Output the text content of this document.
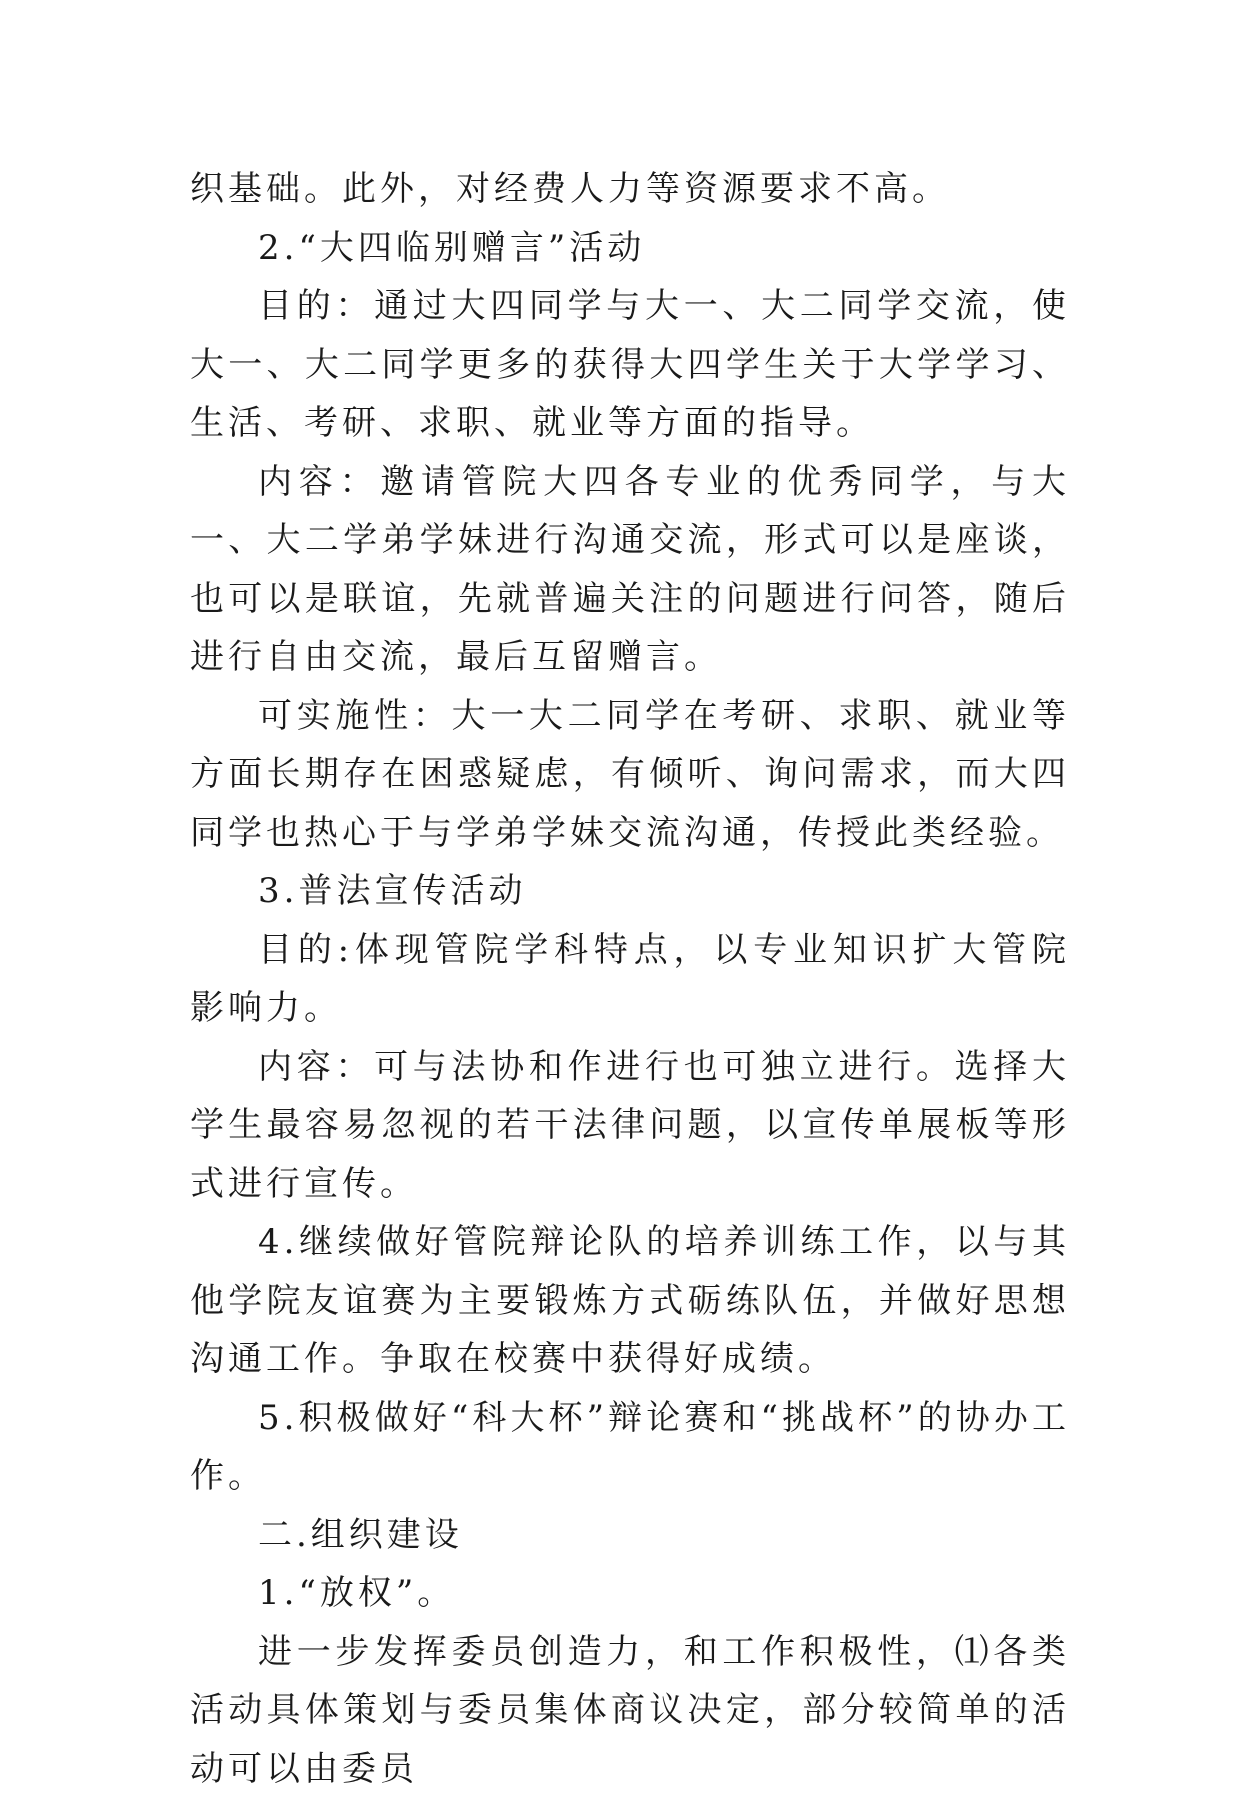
织基础。此外，对经费人力等资源要求不高。

2.“大四临别赠言”活动

目的：通过大四同学与大一、大二同学交流，使大一、大二同学更多的获得大四学生关于大学学习、生活、考研、求职、就业等方面的指导。

内容：邀请管院大四各专业的优秀同学，与大一、大二学弟学妹进行沟通交流，形式可以是座谈，也可以是联谊，先就普遍关注的问题进行问答，随后进行自由交流，最后互留赠言。

可实施性：大一大二同学在考研、求职、就业等方面长期存在困惑疑虑，有倾听、询问需求，而大四同学也热心于与学弟学妹交流沟通，传授此类经验。

3.普法宣传活动

目的:体现管院学科特点，以专业知识扩大管院影响力。

内容：可与法协和作进行也可独立进行。选择大学生最容易忽视的若干法律问题，以宣传单展板等形式进行宣传。

4.继续做好管院辩论队的培养训练工作，以与其他学院友谊赛为主要锻炼方式砺练队伍，并做好思想沟通工作。争取在校赛中获得好成绩。

5.积极做好“科大杯”辩论赛和“挑战杯”的协办工作。

二.组织建设

1.“放权”。

进一步发挥委员创造力，和工作积极性，⑴各类活动具体策划与委员集体商议决定，部分较简单的活动可以由委员
